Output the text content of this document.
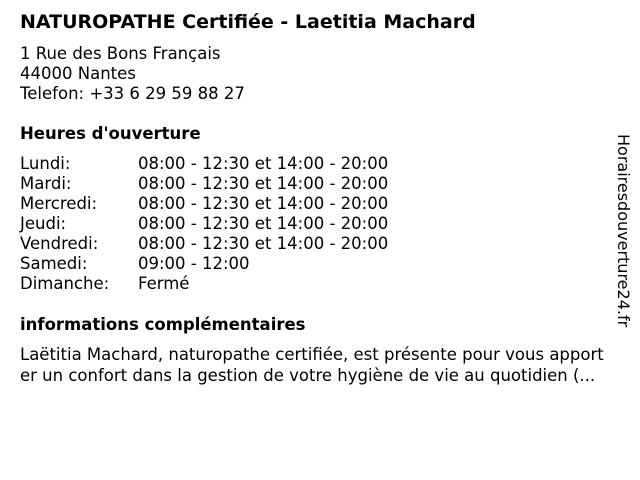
NATUROPATHE Certifiée - Laetitia Machard
1 Rue des Bons Français
44000 Nantes
Telefon: +33 6 29 59 88 27
Heures d'ouverture
Lundi:	08:00 - 12:30 et 14:00 - 20:00
Mardi:	08:00 - 12:30 et 14:00 - 20:00
Mercredi: 08:00 - 12:30 et 14:00 - 20:00
Jeudi:	08:00 - 12:30 et 14:00 - 20:00
Vendredi: 08:00 - 12:30 et 14:00 - 20:00
Samedi:	09:00 - 12:00
Dimanche: Fermé
informations complémentaires
Laëtitia Machard, naturopathe certifiée, est présente pour vous apporter un confort dans la gestion de votre hygiène de vie au quotidien (...
Horairesdouverture24.fr
